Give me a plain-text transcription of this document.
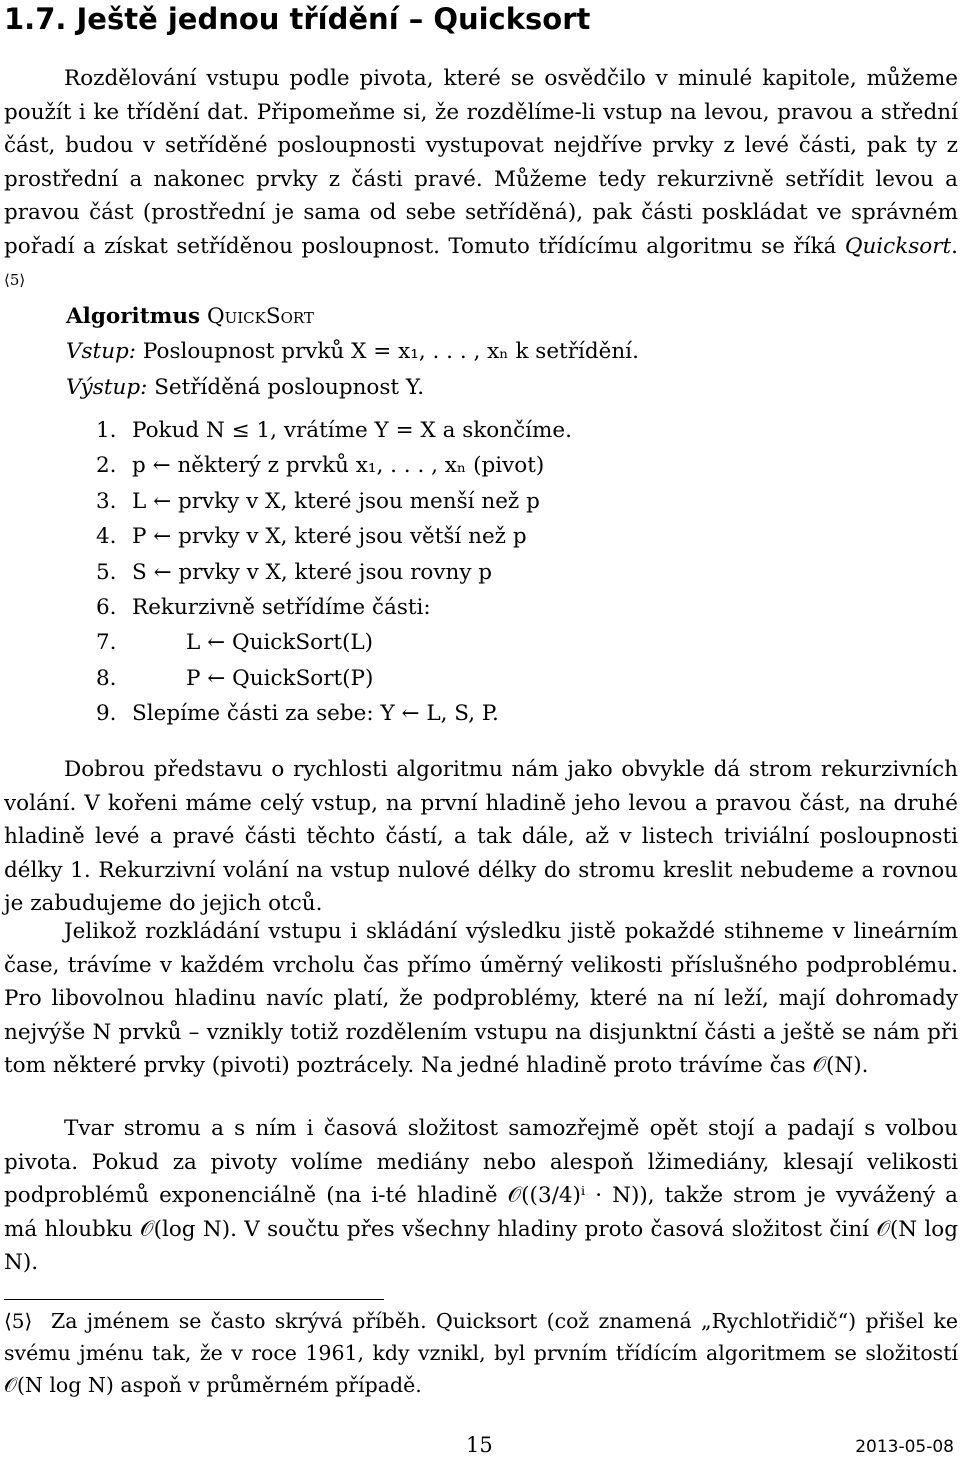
1.7. Ještě jednou třídění – Quicksort

Rozdělování vstupu podle pivota, které se osvědčilo v minulé kapitole, můžeme použít i ke třídění dat. Připomeňme si, že rozdělíme-li vstup na levou, pravou a střední část, budou v setříděné posloupnosti vystupovat nejdříve prvky z levé části, pak ty z prostřední a nakonec prvky z části pravé. Můžeme tedy rekurzivně setřídit levou a pravou část (prostřední je sama od sebe setříděná), pak části poskládat ve správném pořadí a získat setříděnou posloupnost. Tomuto třídícímu algoritmu se říká Quicksort.$^{⟨5⟩}$

Algoritmus QuickSort
Vstup: Posloupnost prvků X = x₁, . . . , xₙ k setřídění.
Výstup: Setříděná posloupnost Y.
1. Pokud N ≤ 1, vrátíme Y = X a skončíme.
2. p ← některý z prvků x₁, . . . , xₙ (pivot)
3. L ← prvky v X, které jsou menší než p
4. P ← prvky v X, které jsou větší než p
5. S ← prvky v X, které jsou rovny p
6. Rekurzivně setřídíme části:
7.	L ← QuickSort(L)
8.	P ← QuickSort(P)
9. Slepíme části za sebe: Y ← L, S, P.

Dobrou představu o rychlosti algoritmu nám jako obvykle dá strom rekurzivních volání. V kořeni máme celý vstup, na první hladině jeho levou a pravou část, na druhé hladině levé a pravé části těchto částí, a tak dále, až v listech triviální posloupnosti délky 1. Rekurzivní volání na vstup nulové délky do stromu kreslit nebudeme a rovnou je zabudujeme do jejich otců.

Jelikož rozkládání vstupu i skládání výsledku jistě pokaždé stihneme v lineárním čase, trávíme v každém vrcholu čas přímo úměrný velikosti příslušného podproblému. Pro libovolnou hladinu navíc platí, že podproblémy, které na ní leží, mají dohromady nejvýše N prvků – vznikly totiž rozdělením vstupu na disjunktní části a ještě se nám při tom některé prvky (pivoti) poztrácely. Na jedné hladině proto trávíme čas 𝒪(N).

Tvar stromu a s ním i časová složitost samozřejmě opět stojí a padají s volbou pivota. Pokud za pivoty volíme mediány nebo alespoň lžimediány, klesají velikosti podproblémů exponenciálně (na i-té hladině 𝒪((3/4)ⁱ · N)), takže strom je vyvážený a má hloubku 𝒪(log N). V součtu přes všechny hladiny proto časová složitost činí 𝒪(N log N).

⟨5⟩ Za jménem se často skrývá příběh. Quicksort (což znamená „Rychlotřidič“) přišel ke svému jménu tak, že v roce 1961, kdy vznikl, byl prvním třídícím algoritmem se složitostí 𝒪(N log N) aspoň v průměrném případě.
15	2013-05-08
